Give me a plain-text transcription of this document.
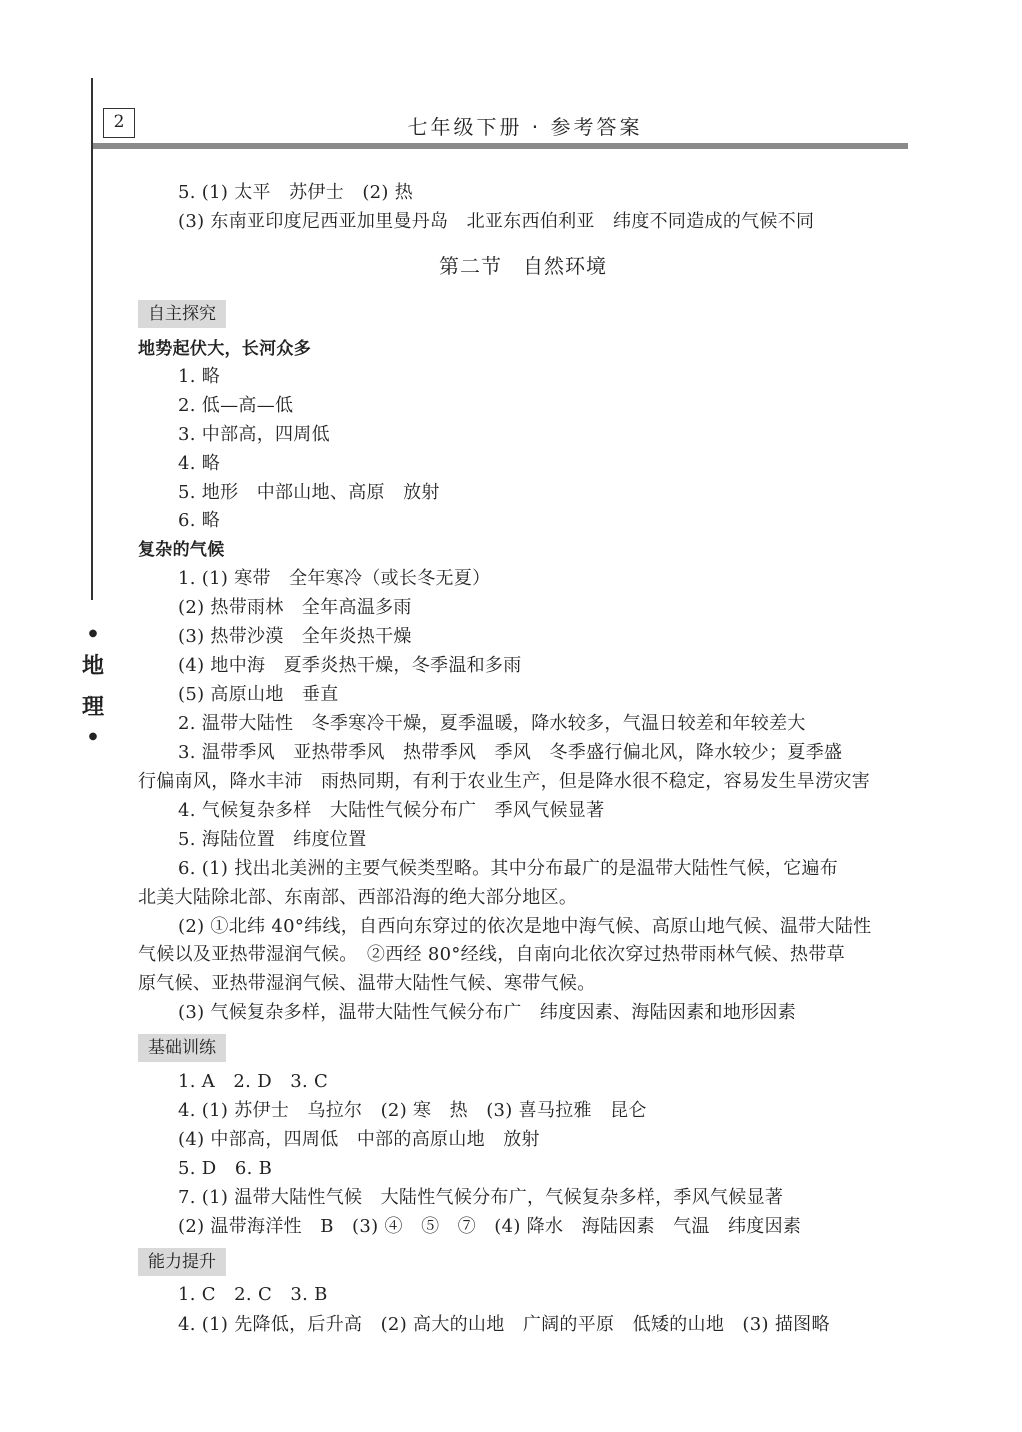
2	七年级下册 · 参考答案
●
地
理
●
5. (1) 太平　苏伊士　(2) 热
(3) 东南亚印度尼西亚加里曼丹岛　北亚东西伯利亚　纬度不同造成的气候不同
第二节　自然环境
自主探究
地势起伏大，长河众多
1. 略
2. 低—高—低
3. 中部高，四周低
4. 略
5. 地形　中部山地、高原　放射
6. 略
复杂的气候
1. (1) 寒带　全年寒冷（或长冬无夏）
(2) 热带雨林　全年高温多雨
(3) 热带沙漠　全年炎热干燥
(4) 地中海　夏季炎热干燥，冬季温和多雨
(5) 高原山地　垂直
2. 温带大陆性　冬季寒冷干燥，夏季温暖，降水较多，气温日较差和年较差大
3. 温带季风　亚热带季风　热带季风　季风　冬季盛行偏北风，降水较少；夏季盛
行偏南风，降水丰沛　雨热同期，有利于农业生产，但是降水很不稳定，容易发生旱涝灾害
4. 气候复杂多样　大陆性气候分布广　季风气候显著
5. 海陆位置　纬度位置
6. (1) 找出北美洲的主要气候类型略。其中分布最广的是温带大陆性气候，它遍布
北美大陆除北部、东南部、西部沿海的绝大部分地区。
(2) ①北纬 40°纬线，自西向东穿过的依次是地中海气候、高原山地气候、温带大陆性
气候以及亚热带湿润气候。　②西经 80°经线，自南向北依次穿过热带雨林气候、热带草
原气候、亚热带湿润气候、温带大陆性气候、寒带气候。
(3) 气候复杂多样，温带大陆性气候分布广　纬度因素、海陆因素和地形因素
基础训练
1. A　2. D　3. C
4. (1) 苏伊士　乌拉尔　(2) 寒　热　(3) 喜马拉雅　昆仑
(4) 中部高，四周低　中部的高原山地　放射
5. D　6. B
7. (1) 温带大陆性气候　大陆性气候分布广，气候复杂多样，季风气候显著
(2) 温带海洋性　B　(3) ④　⑤　⑦　(4) 降水　海陆因素　气温　纬度因素
能力提升
1. C　2. C　3. B
4. (1) 先降低，后升高　(2) 高大的山地　广阔的平原　低矮的山地　(3) 描图略
